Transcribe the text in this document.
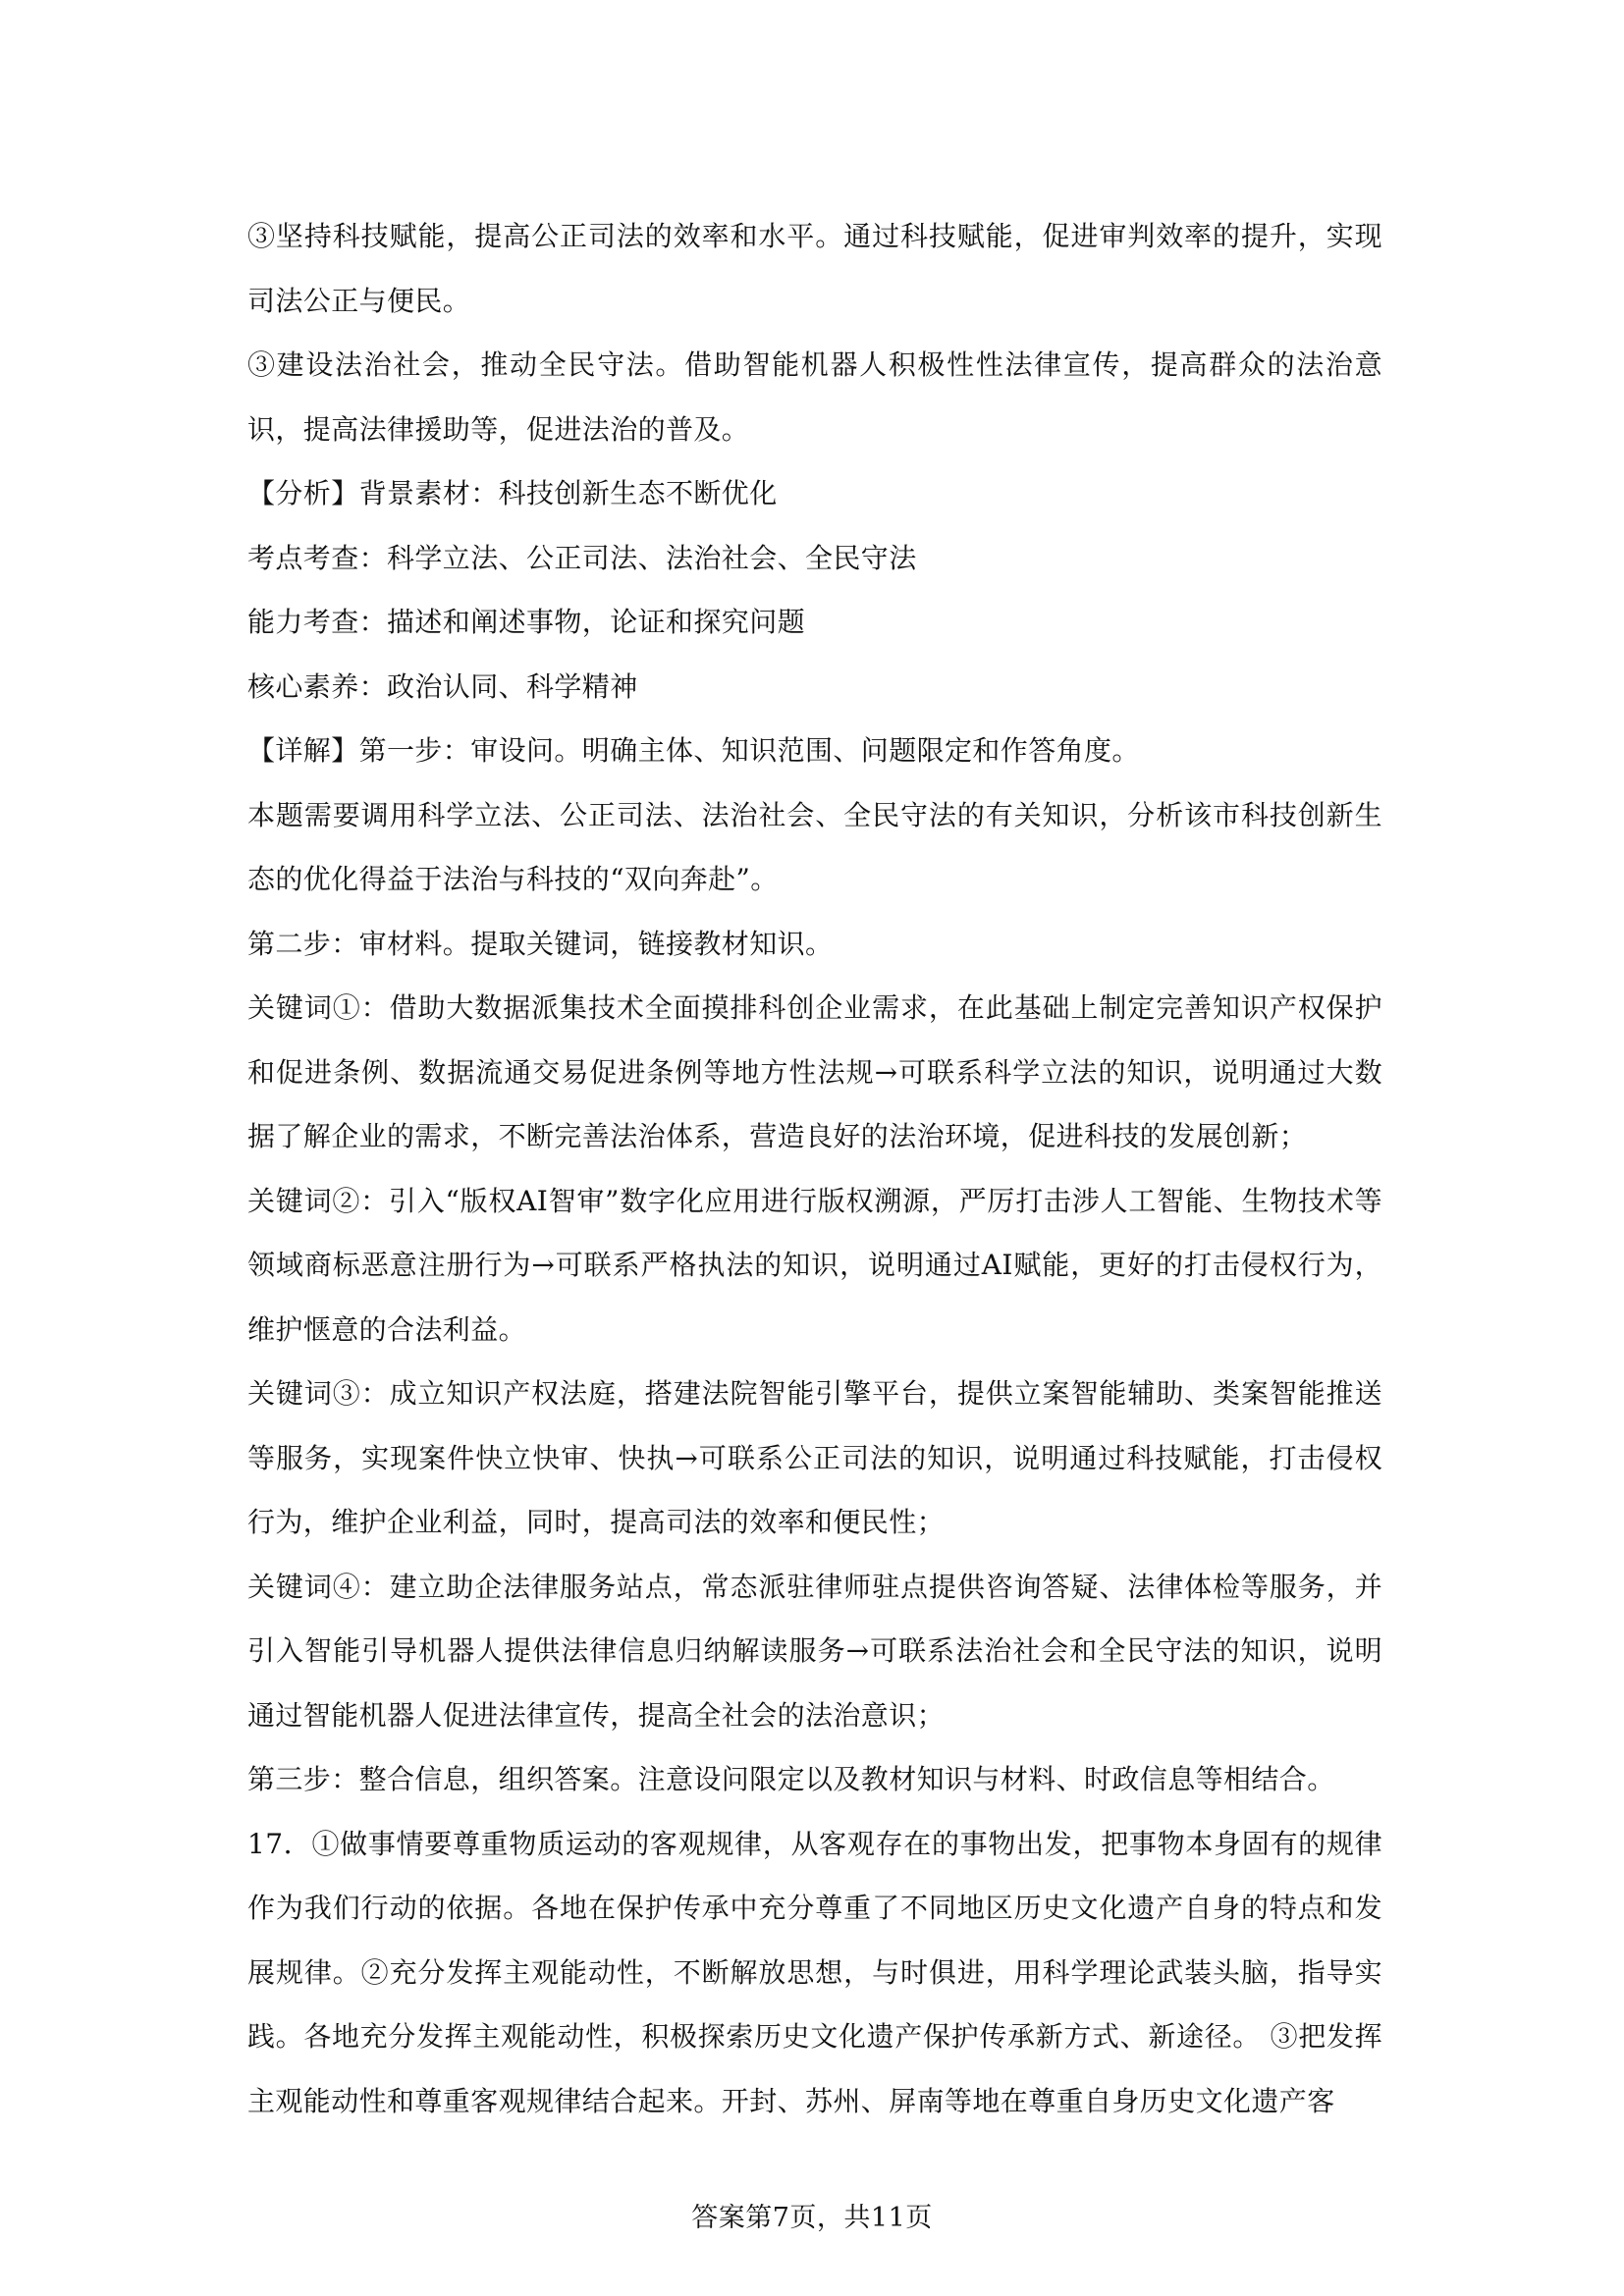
③坚持科技赋能，提高公正司法的效率和水平。通过科技赋能，促进审判效率的提升，实现司法公正与便民。

③建设法治社会，推动全民守法。借助智能机器人积极性性法律宣传，提高群众的法治意识，提高法律援助等，促进法治的普及。

【分析】背景素材：科技创新生态不断优化

考点考查：科学立法、公正司法、法治社会、全民守法

能力考查：描述和阐述事物，论证和探究问题

核心素养：政治认同、科学精神

【详解】第一步：审设问。明确主体、知识范围、问题限定和作答角度。

本题需要调用科学立法、公正司法、法治社会、全民守法的有关知识，分析该市科技创新生态的优化得益于法治与科技的“双向奔赴”。

第二步：审材料。提取关键词，链接教材知识。

关键词①：借助大数据派集技术全面摸排科创企业需求，在此基础上制定完善知识产权保护和促进条例、数据流通交易促进条例等地方性法规→可联系科学立法的知识，说明通过大数据了解企业的需求，不断完善法治体系，营造良好的法治环境，促进科技的发展创新；

关键词②：引入“版权AI智审”数字化应用进行版权溯源，严厉打击涉人工智能、生物技术等领域商标恶意注册行为→可联系严格执法的知识，说明通过AI赋能，更好的打击侵权行为，维护惬意的合法利益。

关键词③：成立知识产权法庭，搭建法院智能引擎平台，提供立案智能辅助、类案智能推送等服务，实现案件快立快审、快执→可联系公正司法的知识，说明通过科技赋能，打击侵权行为，维护企业利益，同时，提高司法的效率和便民性；

关键词④：建立助企法律服务站点，常态派驻律师驻点提供咨询答疑、法律体检等服务，并引入智能引导机器人提供法律信息归纳解读服务→可联系法治社会和全民守法的知识，说明通过智能机器人促进法律宣传，提高全社会的法治意识；

第三步：整合信息，组织答案。注意设问限定以及教材知识与材料、时政信息等相结合。

17．①做事情要尊重物质运动的客观规律，从客观存在的事物出发，把事物本身固有的规律作为我们行动的依据。各地在保护传承中充分尊重了不同地区历史文化遗产自身的特点和发展规律。②充分发挥主观能动性，不断解放思想，与时俱进，用科学理论武装头脑，指导实践。各地充分发挥主观能动性，积极探索历史文化遗产保护传承新方式、新途径。 ③把发挥主观能动性和尊重客观规律结合起来。开封、苏州、屏南等地在尊重自身历史文化遗产客

答案第7页，共11页
